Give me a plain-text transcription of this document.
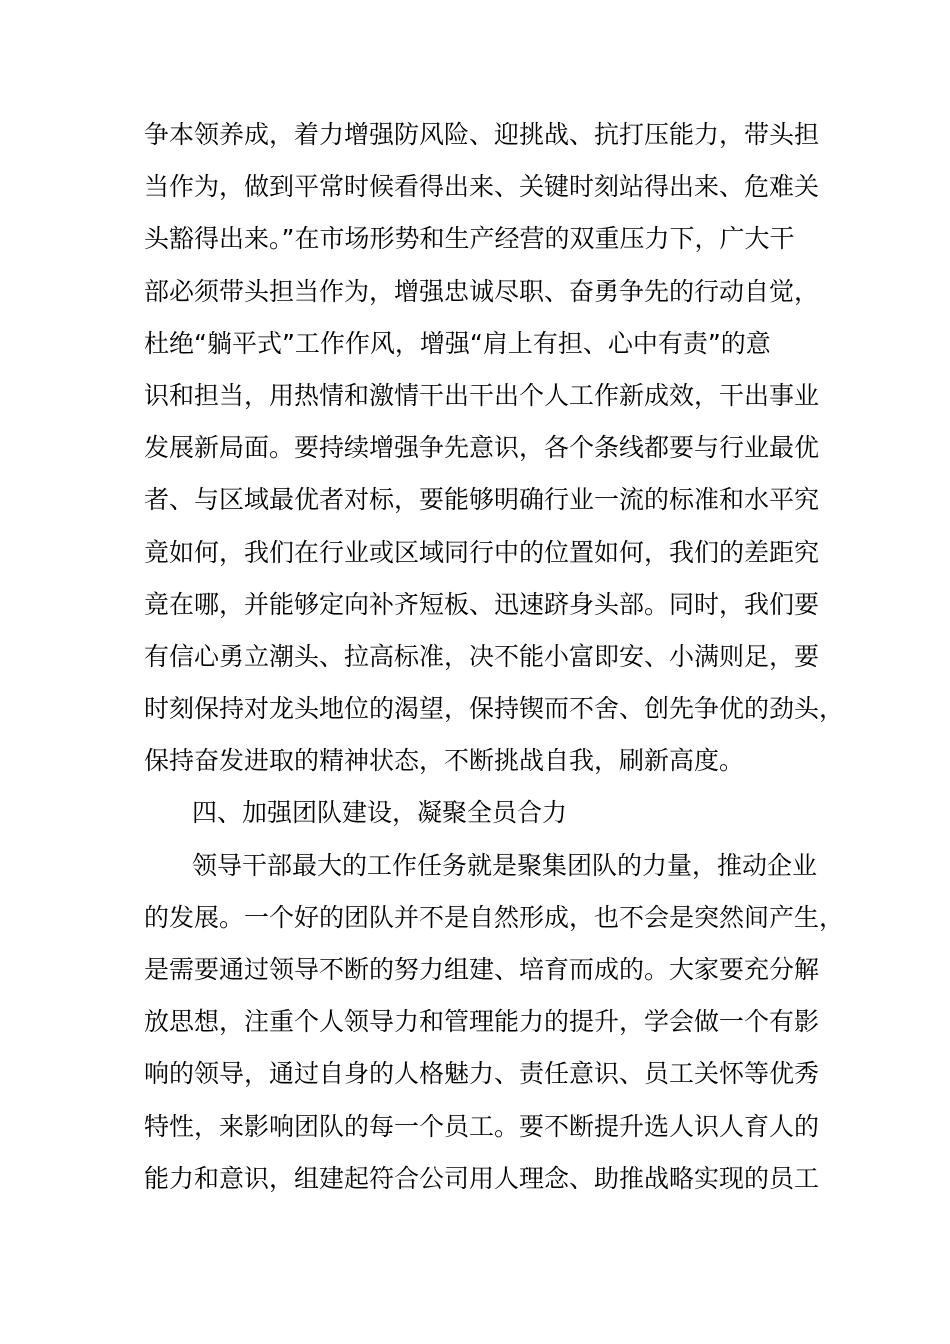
争本领养成，着力增强防风险、迎挑战、抗打压能力，带头担
当作为，做到平常时候看得出来、关键时刻站得出来、危难关
头豁得出来。”在市场形势和生产经营的双重压力下，广大干
部必须带头担当作为，增强忠诚尽职、奋勇争先的行动自觉，
杜绝“躺平式”工作作风，增强“肩上有担、心中有责”的意
识和担当，用热情和激情干出干出个人工作新成效，干出事业
发展新局面。要持续增强争先意识，各个条线都要与行业最优
者、与区域最优者对标，要能够明确行业一流的标准和水平究
竟如何，我们在行业或区域同行中的位置如何，我们的差距究
竟在哪，并能够定向补齐短板、迅速跻身头部。同时，我们要
有信心勇立潮头、拉高标准，决不能小富即安、小满则足，要
时刻保持对龙头地位的渴望，保持锲而不舍、创先争优的劲头，
保持奋发进取的精神状态，不断挑战自我，刷新高度。
四、加强团队建设，凝聚全员合力
领导干部最大的工作任务就是聚集团队的力量，推动企业
的发展。一个好的团队并不是自然形成，也不会是突然间产生，
是需要通过领导不断的努力组建、培育而成的。大家要充分解
放思想，注重个人领导力和管理能力的提升，学会做一个有影
响的领导，通过自身的人格魅力、责任意识、员工关怀等优秀
特性，来影响团队的每一个员工。要不断提升选人识人育人的
能力和意识，组建起符合公司用人理念、助推战略实现的员工
